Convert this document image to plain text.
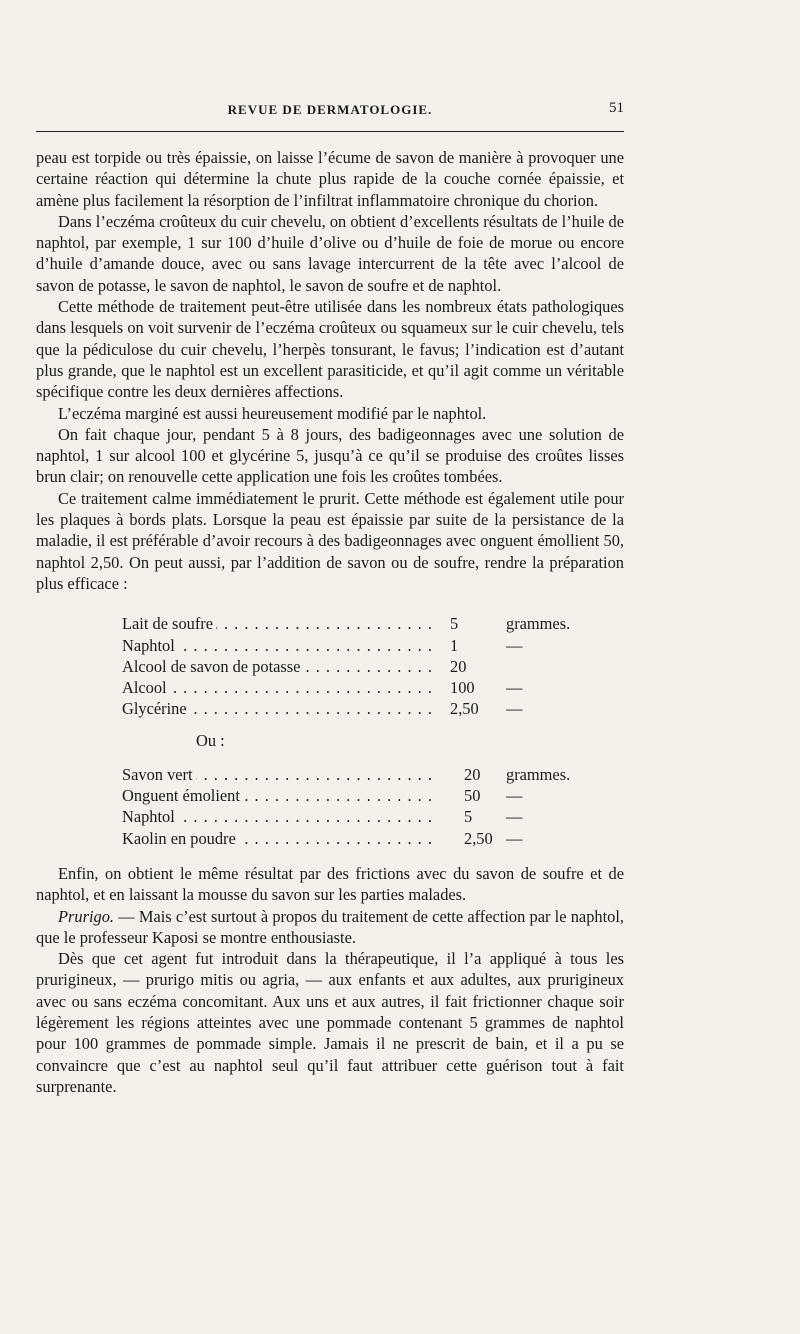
REVUE DE DERMATOLOGIE.	51

peau est torpide ou très épaissie, on laisse l’écume de savon de manière à provoquer une certaine réaction qui détermine la chute plus rapide de la couche cornée épaissie, et amène plus facilement la résorption de l’infiltrat inflammatoire chronique du chorion.

Dans l’eczéma croûteux du cuir chevelu, on obtient d’excellents résultats de l’huile de naphtol, par exemple, 1 sur 100 d’huile d’olive ou d’huile de foie de morue ou encore d’huile d’amande douce, avec ou sans lavage intercurrent de la tête avec l’alcool de savon de potasse, le savon de naphtol, le savon de soufre et de naphtol.

Cette méthode de traitement peut-être utilisée dans les nombreux états pathologiques dans lesquels on voit survenir de l’eczéma croûteux ou squameux sur le cuir chevelu, tels que la pédiculose du cuir chevelu, l’herpès tonsurant, le favus; l’indication est d’autant plus grande, que le naphtol est un excellent parasiticide, et qu’il agit comme un véritable spécifique contre les deux dernières affections.

L’eczéma marginé est aussi heureusement modifié par le naphtol.

On fait chaque jour, pendant 5 à 8 jours, des badigeonnages avec une solution de naphtol, 1 sur alcool 100 et glycérine 5, jusqu’à ce qu’il se produise des croûtes lisses brun clair; on renouvelle cette application une fois les croûtes tombées.

Ce traitement calme immédiatement le prurit. Cette méthode est également utile pour les plaques à bords plats. Lorsque la peau est épaissie par suite de la persistance de la maladie, il est préférable d’avoir recours à des badigeonnages avec onguent émollient 50, naphtol 2,50. On peut aussi, par l’addition de savon ou de soufre, rendre la préparation plus efficace :

Lait de soufre . . .	5	grammes.
Naphtol . . .	1	—
Alcool de savon de potasse . . .	20
Alcool . . .	100	—
Glycérine . . .	2,50	—
Ou :
Savon vert . . .	20	grammes.
Onguent émolient . . .	50	—
Naphtol . . .	5	—
Kaolin en poudre . . .	2,50 —

Enfin, on obtient le même résultat par des frictions avec du savon de soufre et de naphtol, et en laissant la mousse du savon sur les parties malades.

Prurigo. — Mais c’est surtout à propos du traitement de cette affection par le naphtol, que le professeur Kaposi se montre enthousiaste.

Dès que cet agent fut introduit dans la thérapeutique, il l’a appliqué à tous les prurigineux, — prurigo mitis ou agria, — aux enfants et aux adultes, aux prurigineux avec ou sans eczéma concomitant. Aux uns et aux autres, il fait frictionner chaque soir légèrement les régions atteintes avec une pommade contenant 5 grammes de naphtol pour 100 grammes de pommade simple. Jamais il ne prescrit de bain, et il a pu se convaincre que c’est au naphtol seul qu’il faut attribuer cette guérison tout à fait surprenante.
